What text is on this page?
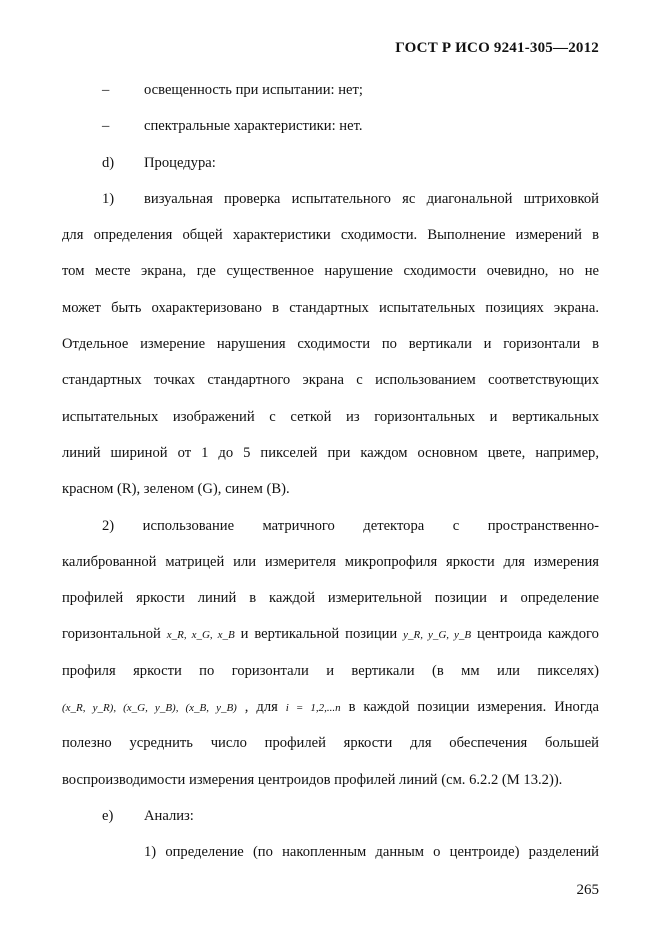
ГОСТ Р ИСО 9241-305—2012
– освещенность при испытании: нет;
– спектральные характеристики: нет.
d) Процедура:
1) визуальная проверка испытательного яс диагональной штриховкой
для определения общей характеристики сходимости. Выполнение измерений в
том месте экрана, где существенное нарушение сходимости очевидно, но не
может быть охарактеризовано в стандартных испытательных позициях экрана.
Отдельное измерение нарушения сходимости по вертикали и горизонтали в
стандартных точках стандартного экрана с использованием соответствующих
испытательных изображений с сеткой из горизонтальных и вертикальных
линий шириной от 1 до 5 пикселей при каждом основном цвете, например,
красном (R), зеленом (G), синем (B).
2) использование матричного детектора с пространственно-
калиброванной матрицей или измерителя микропрофиля яркости для измерения
профилей яркости линий в каждой измерительной позиции и определение
горизонтальной x_R, x_G, x_B и вертикальной позиции y_R, y_G, y_B центроида каждого
профиля яркости по горизонтали и вертикали (в мм или пикселях)
(x_R, y_R), (x_G, y_B), (x_B, y_B) , для i = 1,2,...n в каждой позиции измерения. Иногда
полезно усреднить число профилей яркости для обеспечения большей
воспроизводимости измерения центроидов профилей линий (см. 6.2.2 (М 13.2)).
e) Анализ:
1) определение (по накопленным данным о центроиде) разделений
265
